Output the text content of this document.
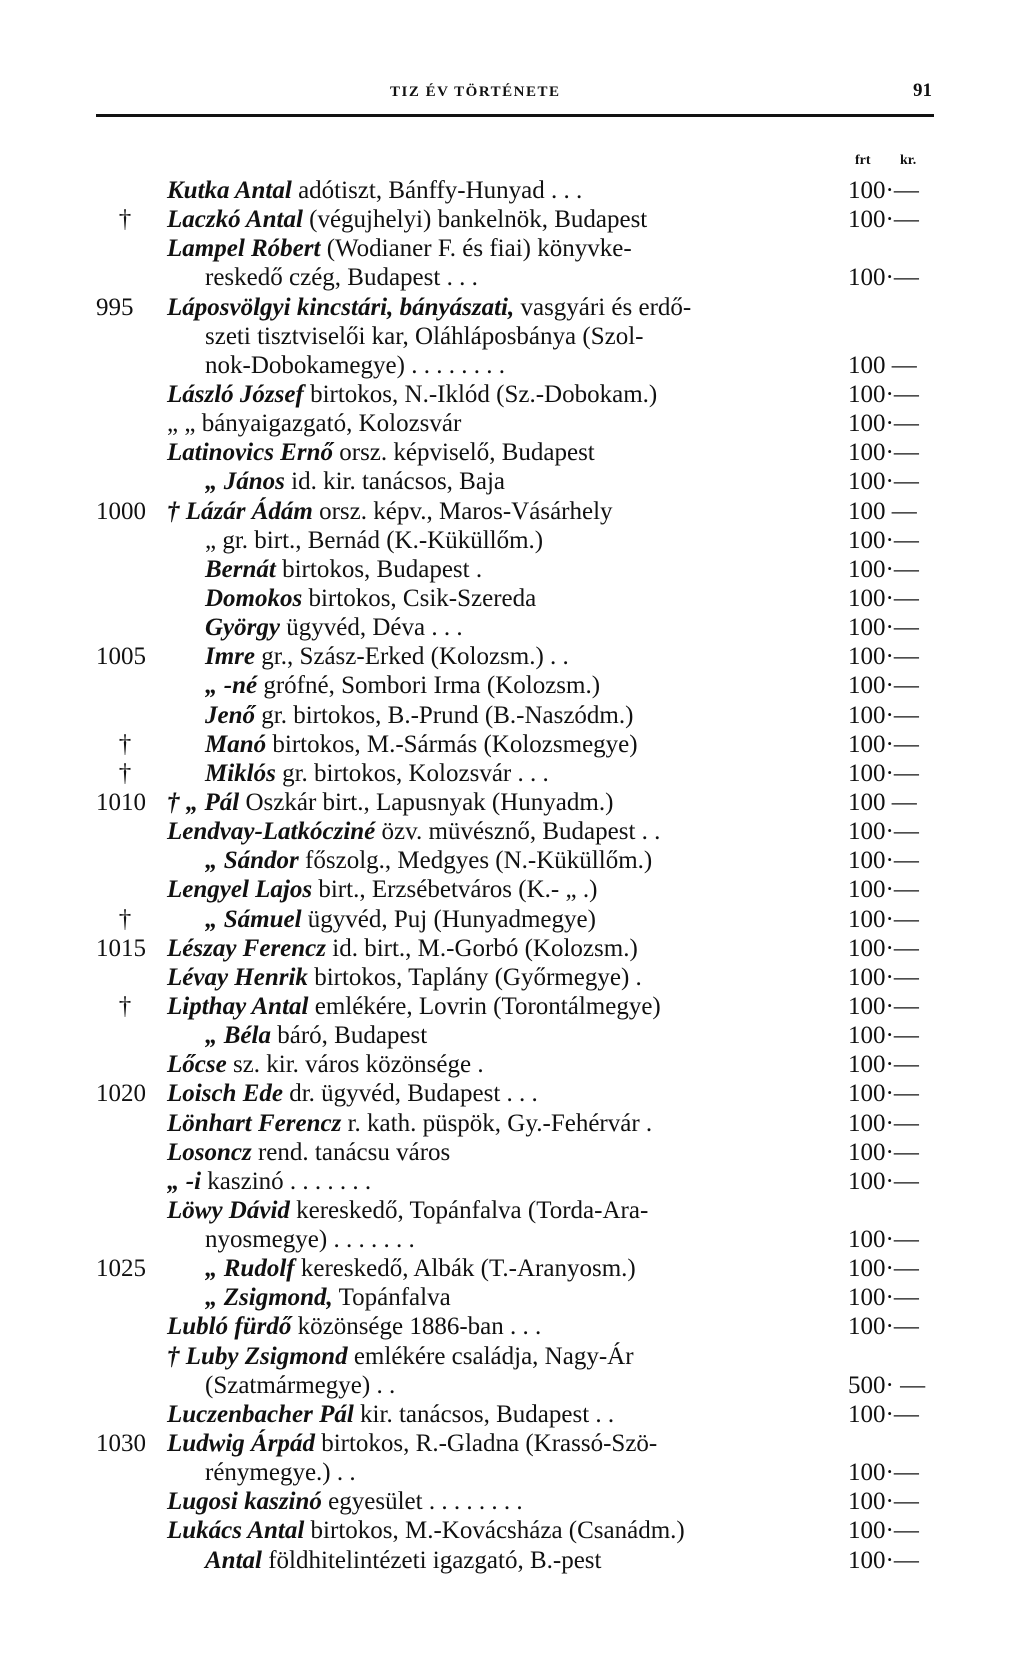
TIZ ÉV TÖRTÉNETE	91
frt kr.
Kutka Antal adótiszt, Bánffy-Hunyad . . .	100·—
†	Laczkó Antal (végujhelyi) bankelnök, Budapest	100·—
Lampel Róbert (Wodianer F. és fiai) könyvke-
reskedő czég, Budapest . . .	100·—
995	Láposvölgyi kincstári, bányászati, vasgyári és erdő-
szeti tisztviselői kar, Oláhláposbánya (Szol-
nok-Dobokamegye) . . . . . . . .	100 —
László József birtokos, N.-Iklód (Sz.-Dobokam.)	100·—
„ „ bányaigazgató, Kolozsvár	100·—
Latinovics Ernő orsz. képviselő, Budapest	100·—
„ János id. kir. tanácsos, Baja	100·—
1000 † Lázár Ádám orsz. képv., Maros-Vásárhely	100 —
„ gr. birt., Bernád (K.-Küküllőm.)	100·—
Bernát birtokos, Budapest .	100·—
Domokos birtokos, Csik-Szereda	100·—
György ügyvéd, Déva . . .	100·—
1005	Imre gr., Szász-Erked (Kolozsm.) . .	100·—
„ -né grófné, Sombori Irma (Kolozsm.)	100·—
Jenő gr. birtokos, B.-Prund (B.-Naszódm.)	100·—
†	Manó birtokos, M.-Sármás (Kolozsmegye)	100·—
†	Miklós gr. birtokos, Kolozsvár . . .	100·—
1010 † „ Pál Oszkár birt., Lapusnyak (Hunyadm.)	100 —
Lendvay-Latkócziné özv. müvésznő, Budapest . .	100·—
„ Sándor főszolg., Medgyes (N.-Küküllőm.)	100·—
Lengyel Lajos birt., Erzsébetváros (K.- „ .)	100·—
†	„ Sámuel ügyvéd, Puj (Hunyadmegye)	100·—
1015 Lészay Ferencz id. birt., M.-Gorbó (Kolozsm.)	100·—
Lévay Henrik birtokos, Taplány (Győrmegye) .	100·—
†	Lipthay Antal emlékére, Lovrin (Torontálmegye)	100·—
„ Béla báró, Budapest	100·—
Lőcse sz. kir. város közönsége .	100·—
1020 Loisch Ede dr. ügyvéd, Budapest . . .	100·—
Lönhart Ferencz r. kath. püspök, Gy.-Fehérvár .	100·—
Losoncz rend. tanácsu város	100·—
„ -i kaszinó . . . . . . .	100·—
Löwy Dávid kereskedő, Topánfalva (Torda-Ara-
nyosmegye) . . . . . . .	100·—
1025	„ Rudolf kereskedő, Albák (T.-Aranyosm.)	100·—
„ Zsigmond, Topánfalva	100·—
Lubló fürdő közönsége 1886-ban . . .	100·—
† Luby Zsigmond emlékére családja, Nagy-Ár
(Szatmármegye) . .	500· —
Luczenbacher Pál kir. tanácsos, Budapest . .	100·—
1030 Ludwig Árpád birtokos, R.-Gladna (Krassó-Szö-
rénymegye.) . .	100·—
Lugosi kaszinó egyesület . . . . . . . .	100·—
Lukács Antal birtokos, M.-Kovácsháza (Csanádm.)	100·—
Antal földhitelintézeti igazgató, B.-pest	100·—
